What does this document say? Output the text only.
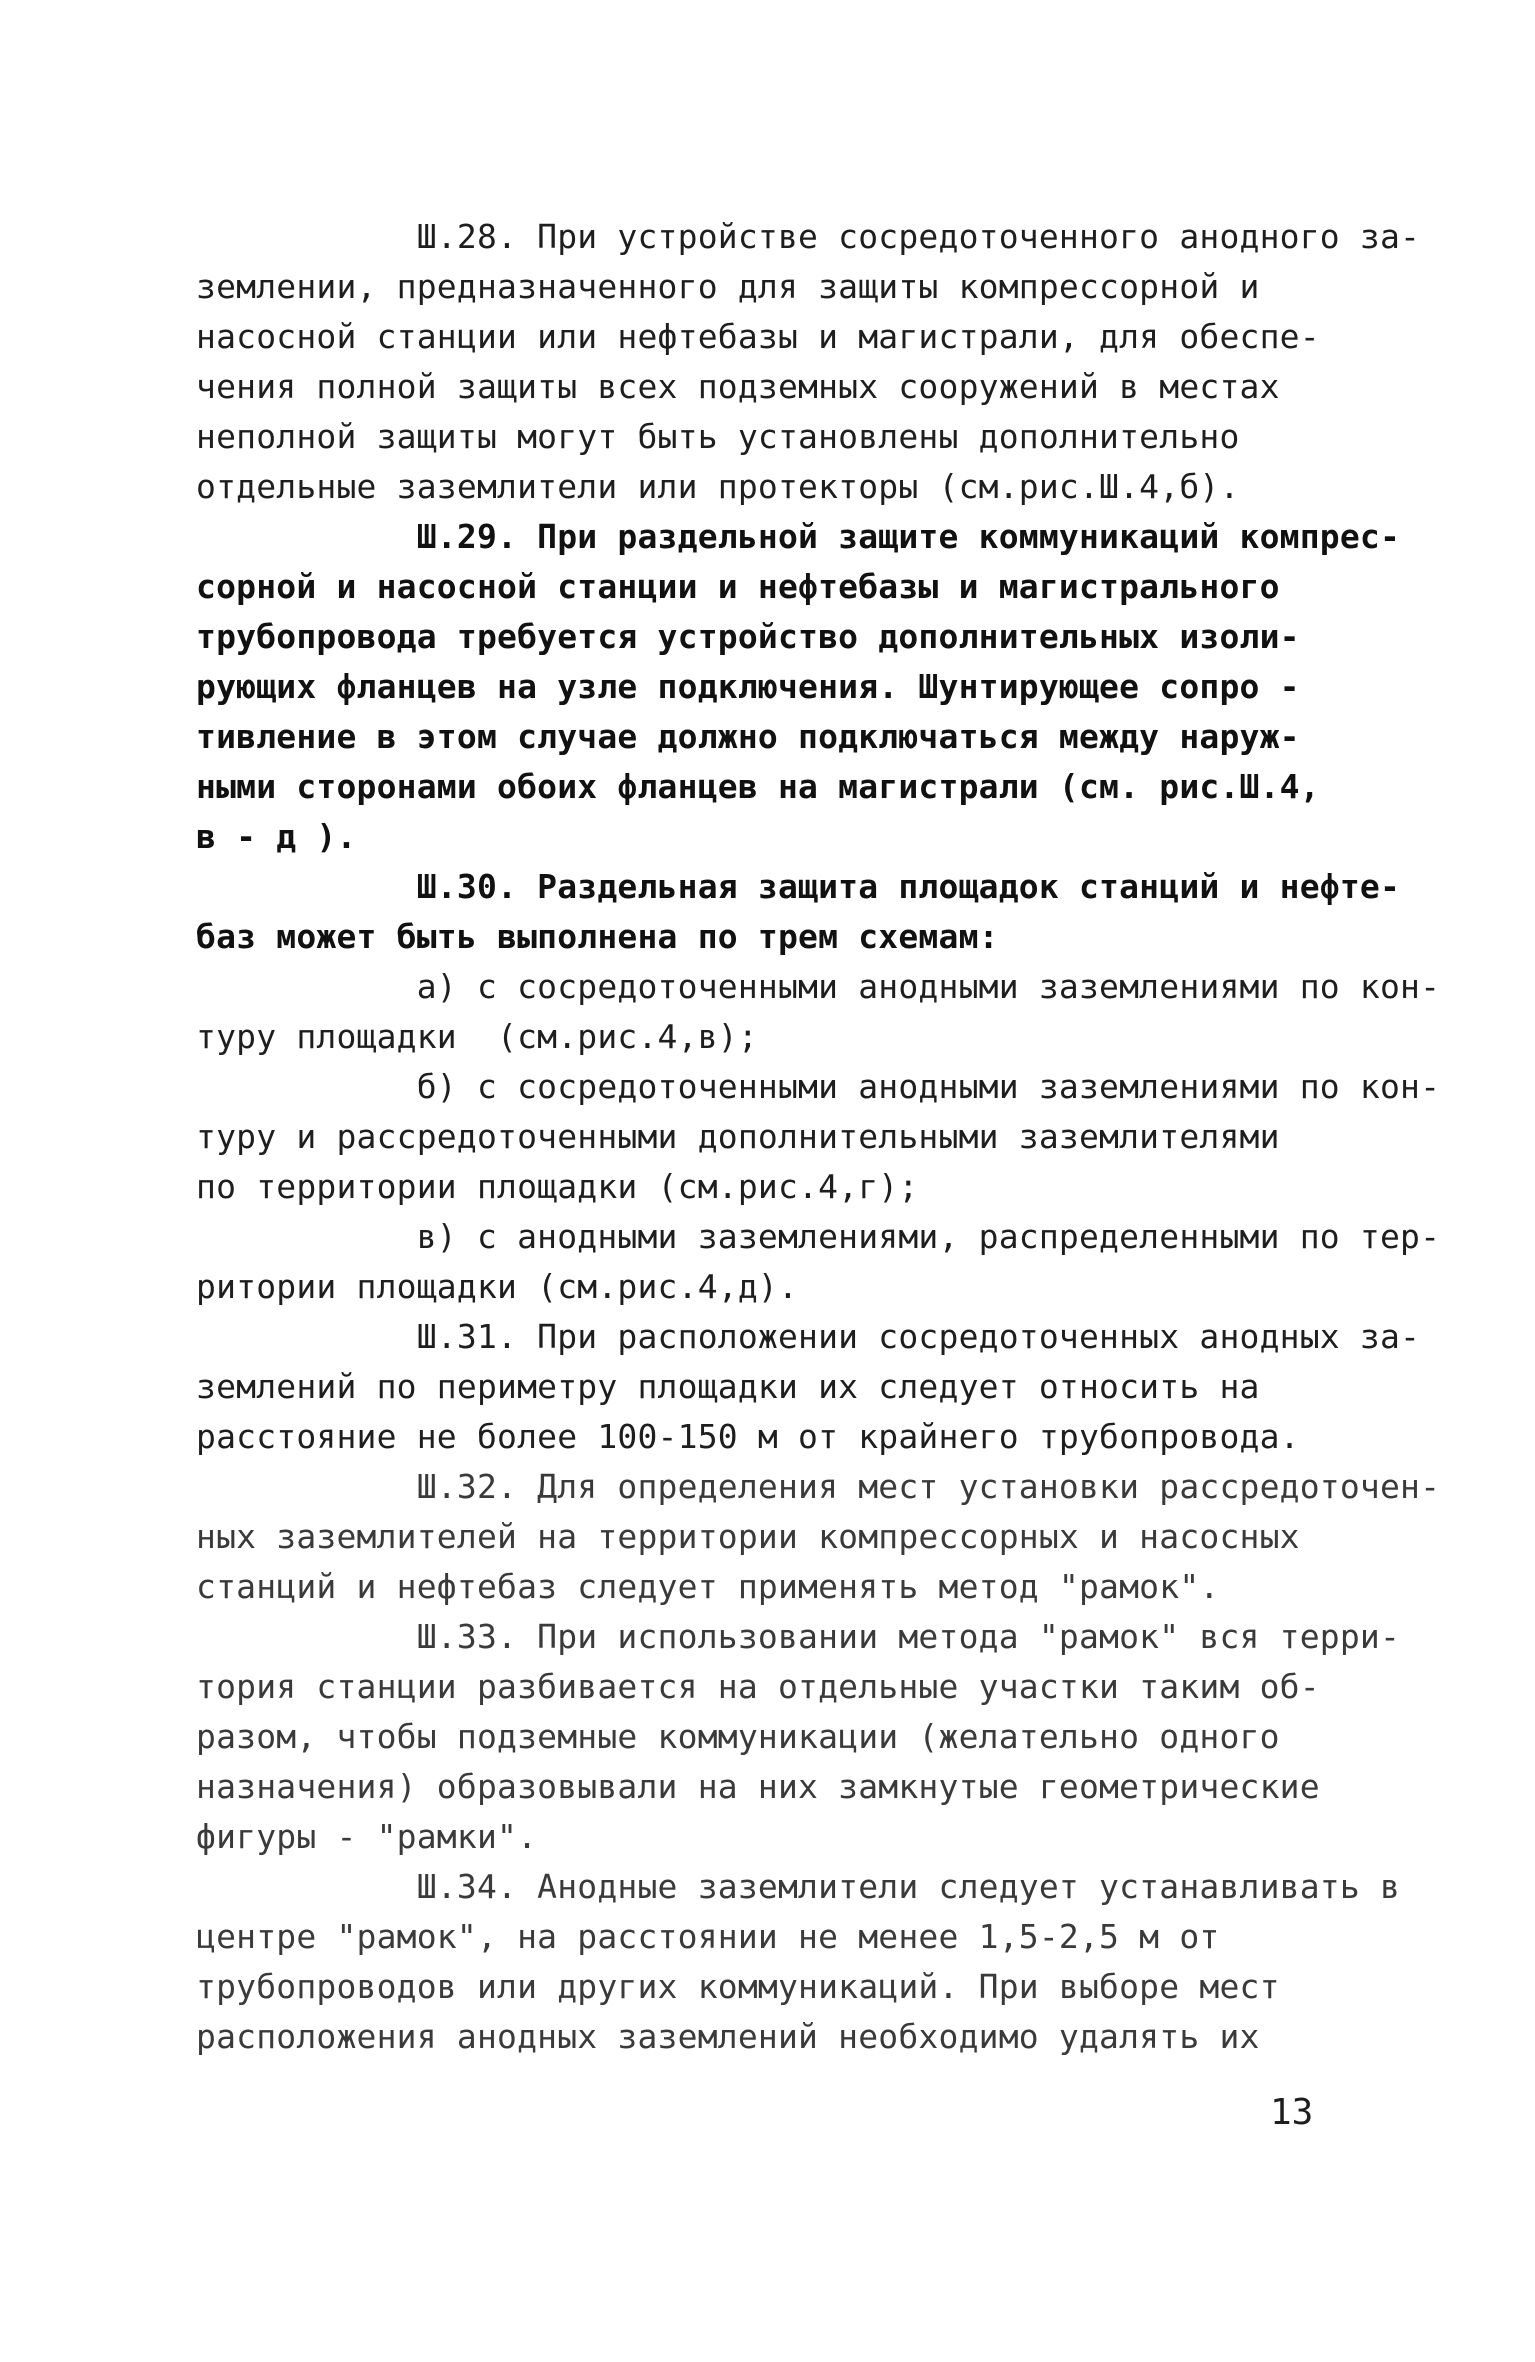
Ш.28. При устройстве сосредоточенного анодного за-
землении, предназначенного для защиты компрессорной и
насосной станции или нефтебазы и магистрали, для обеспе-
чения полной защиты всех подземных сооружений в местах
неполной защиты могут быть установлены дополнительно
отдельные заземлители или протекторы (см.рис.Ш.4,б).
Ш.29. При раздельной защите коммуникаций компрес-
сорной и насосной станции и нефтебазы и магистрального
трубопровода требуется устройство дополнительных изоли-
рующих фланцев на узле подключения. Шунтирующее сопро -
тивление в этом случае должно подключаться между наруж-
ными сторонами обоих фланцев на магистрали (см. рис.Ш.4,
в - д ).
Ш.30. Раздельная защита площадок станций и нефте-
баз может быть выполнена по трем схемам:
а) с сосредоточенными анодными заземлениями по кон-
туру площадки  (см.рис.4,в);
б) с сосредоточенными анодными заземлениями по кон-
туру и рассредоточенными дополнительными заземлителями
по территории площадки (см.рис.4,г);
в) с анодными заземлениями, распределенными по тер-
ритории площадки (см.рис.4,д).
Ш.31. При расположении сосредоточенных анодных за-
землений по периметру площадки их следует относить на
расстояние не более 100-150 м от крайнего трубопровода.
Ш.32. Для определения мест установки рассредоточен-
ных заземлителей на территории компрессорных и насосных
станций и нефтебаз следует применять метод "рамок".
Ш.33. При использовании метода "рамок" вся терри-
тория станции разбивается на отдельные участки таким об-
разом, чтобы подземные коммуникации (желательно одного
назначения) образовывали на них замкнутые геометрические
фигуры - "рамки".
Ш.34. Анодные заземлители следует устанавливать в
центре "рамок", на расстоянии не менее 1,5-2,5 м от
трубопроводов или других коммуникаций. При выборе мест
расположения анодных заземлений необходимо удалять их
13
